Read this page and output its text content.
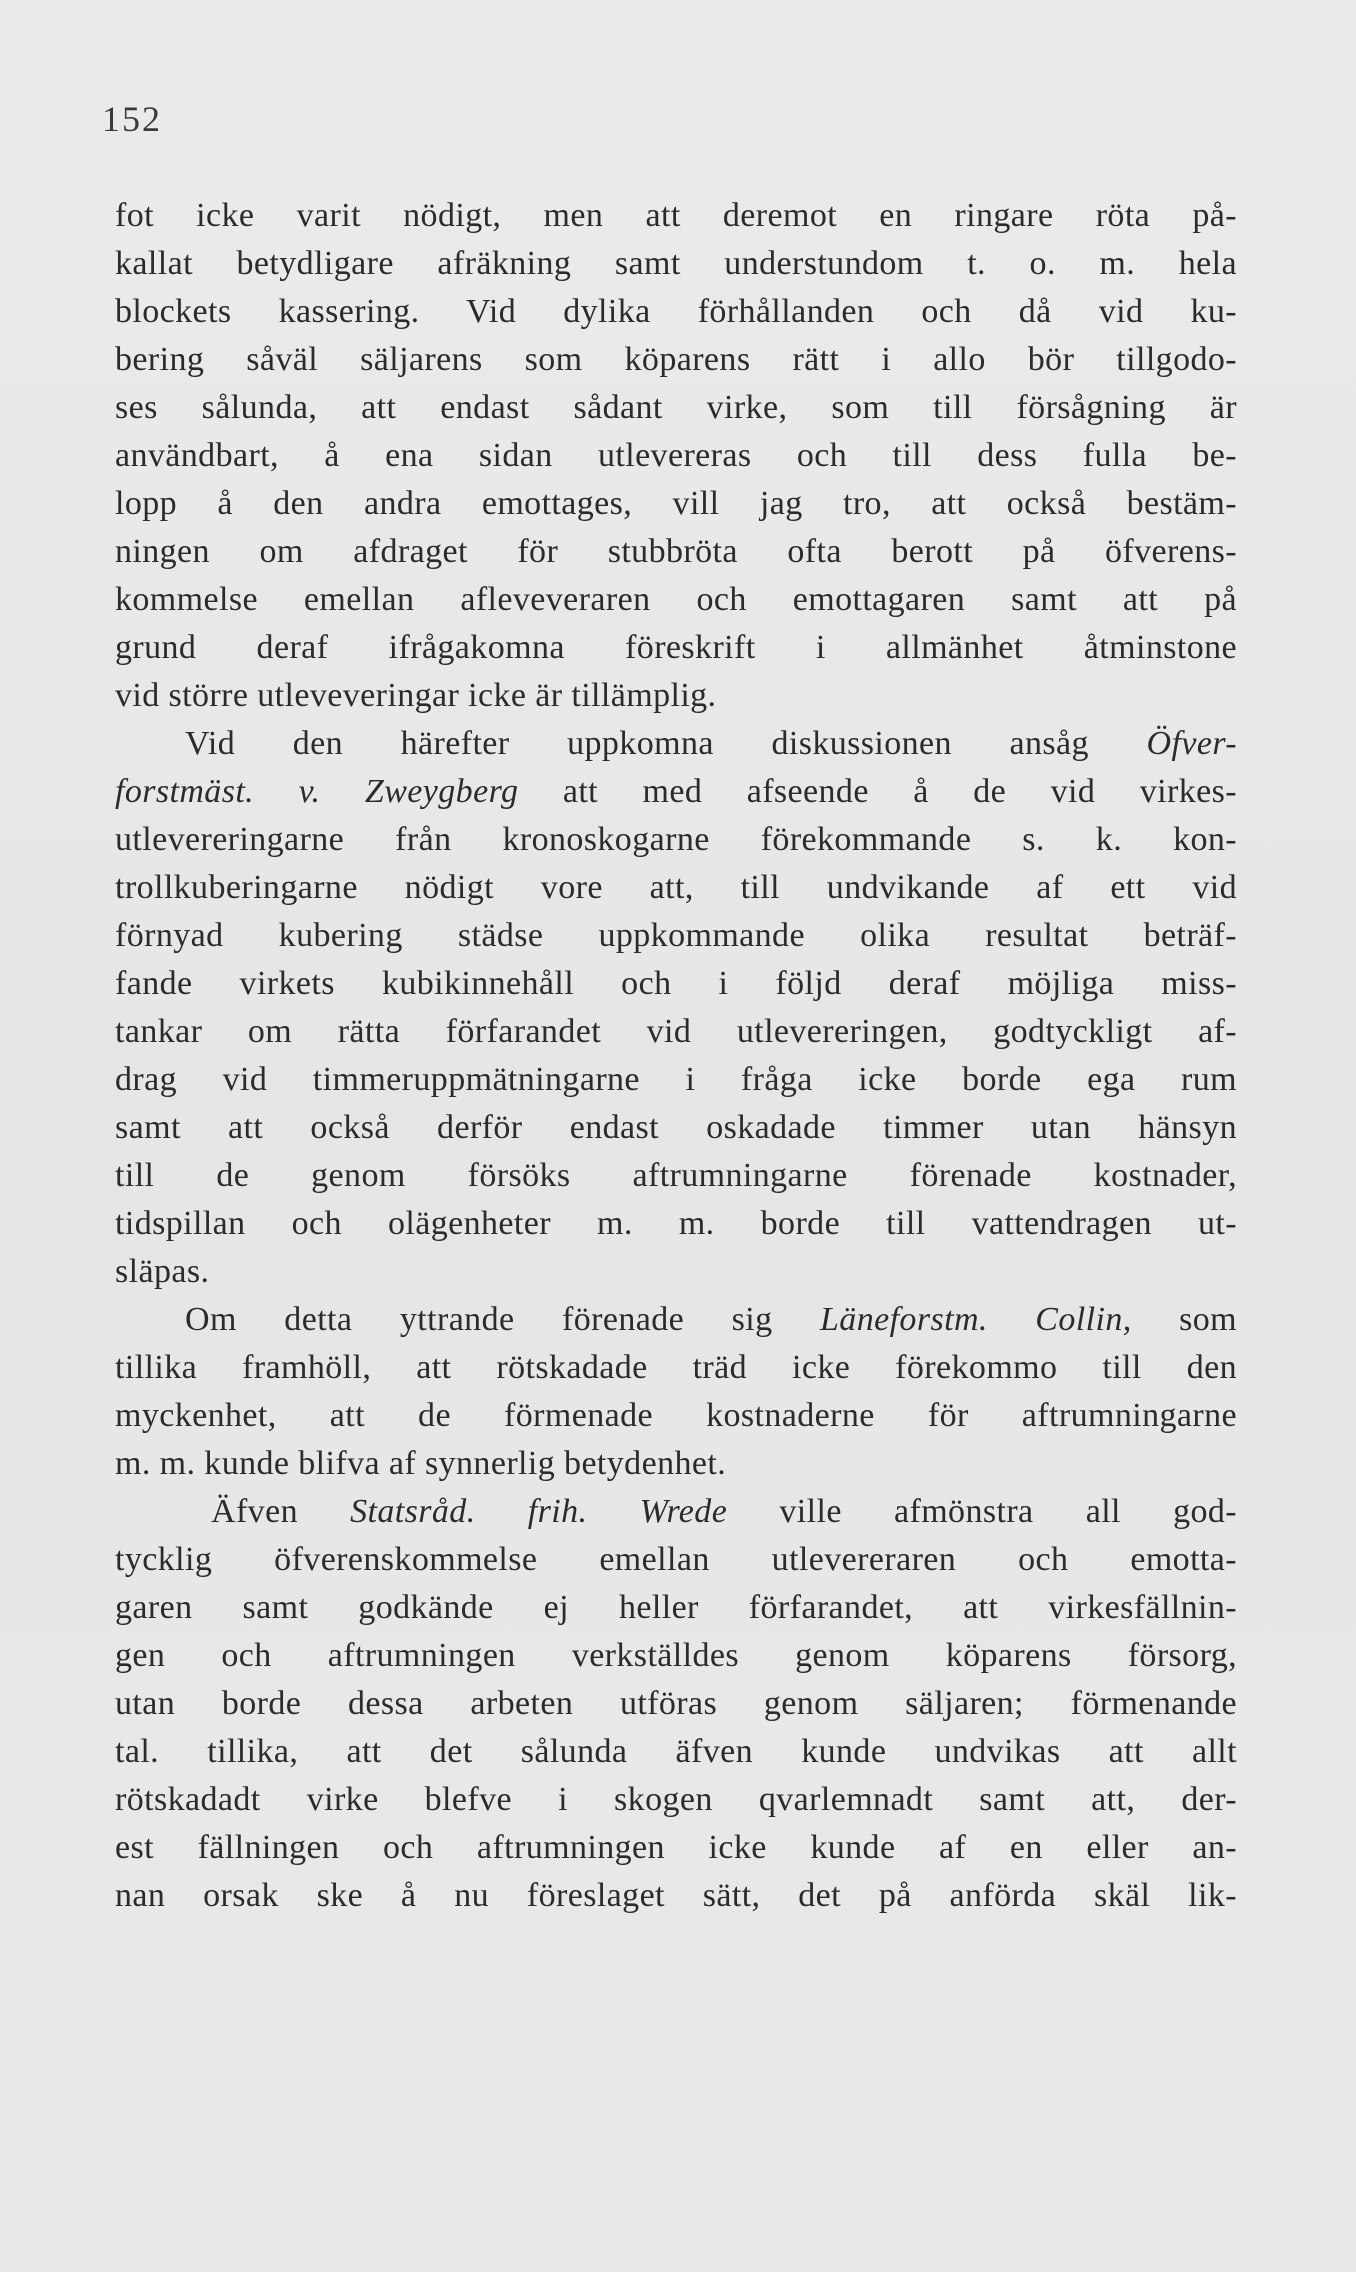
152
fot icke varit nödigt, men att deremot en ringare röta på-
kallat betydligare afräkning samt understundom t. o. m. hela
blockets kassering. Vid dylika förhållanden och då vid ku-
bering såväl säljarens som köparens rätt i allo bör tillgodo-
ses sålunda, att endast sådant virke, som till försågning är
användbart, å ena sidan utlevereras och till dess fulla be-
lopp å den andra emottages, vill jag tro, att också bestäm-
ningen om afdraget för stubbröta ofta berott på öfverens-
kommelse emellan afleveveraren och emottagaren samt att på
grund deraf ifrågakomna föreskrift i allmänhet åtminstone
vid större utleveveringar icke är tillämplig.
Vid den härefter uppkomna diskussionen ansåg Öfver-
forstmäst. v. Zweygberg att med afseende å de vid virkes-
utlevereringarne från kronoskogarne förekommande s. k. kon-
trollkuberingarne nödigt vore att, till undvikande af ett vid
förnyad kubering städse uppkommande olika resultat beträf-
fande virkets kubikinnehåll och i följd deraf möjliga miss-
tankar om rätta förfarandet vid utlevereringen, godtyckligt af-
drag vid timmeruppmätningarne i fråga icke borde ega rum
samt att också derför endast oskadade timmer utan hänsyn
till de genom försöks aftrumningarne förenade kostnader,
tidspillan och olägenheter m. m. borde till vattendragen ut-
släpas.
Om detta yttrande förenade sig Läneforstm. Collin, som
tillika framhöll, att rötskadade träd icke förekommo till den
myckenhet, att de förmenade kostnaderne för aftrumningarne
m. m. kunde blifva af synnerlig betydenhet.
Äfven Statsråd. frih. Wrede ville afmönstra all god-
tycklig öfverenskommelse emellan utlevereraren och emotta-
garen samt godkände ej heller förfarandet, att virkesfällnin-
gen och aftrumningen verkställdes genom köparens försorg,
utan borde dessa arbeten utföras genom säljaren; förmenande
tal. tillika, att det sålunda äfven kunde undvikas att allt
rötskadadt virke blefve i skogen qvarlemnadt samt att, der-
est fällningen och aftrumningen icke kunde af en eller an-
nan orsak ske å nu föreslaget sätt, det på anförda skäl lik-
